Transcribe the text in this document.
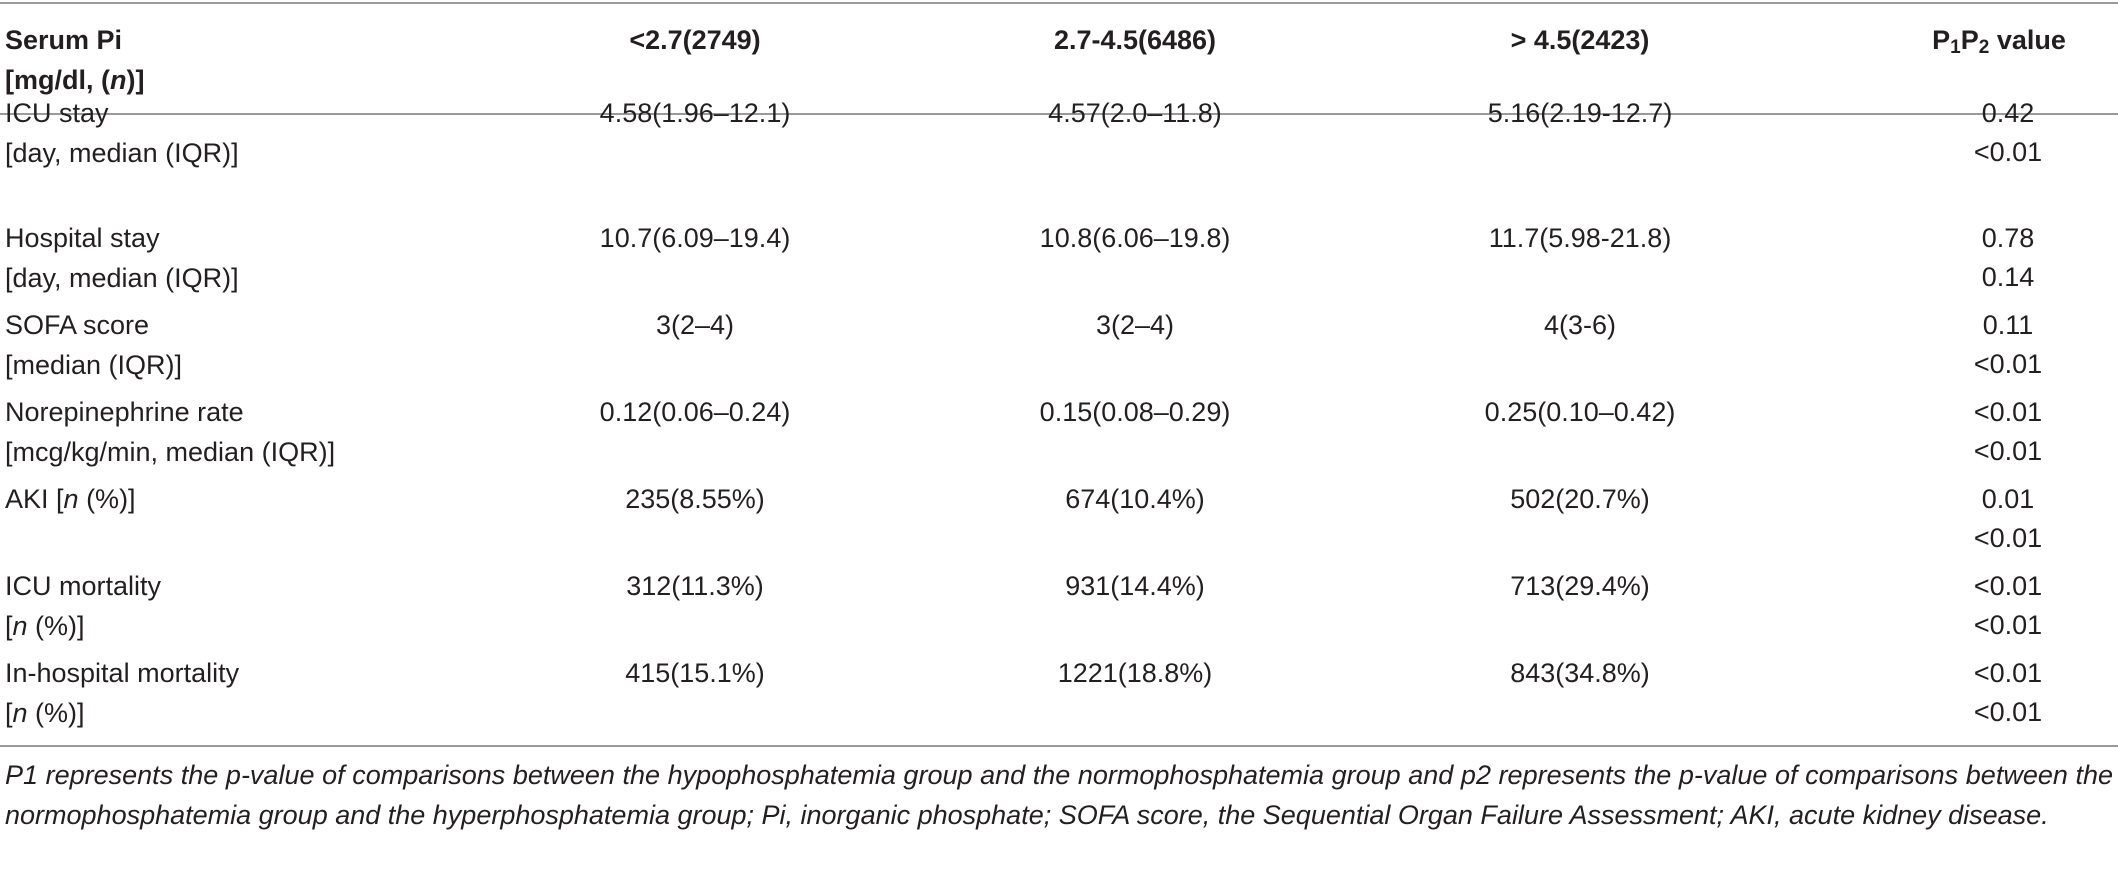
Serum Pi
[mg/dl, (n)]
<2.7(2749)	2.7-4.5(6486)	> 4.5(2423)	$P_1P_2$ value
ICU stay
[day, median (IQR)]
4.58(1.96–12.1)	4.57(2.0–11.8)	5.16(2.19-12.7)	0.42
<0.01
Hospital stay
[day, median (IQR)]
10.7(6.09–19.4)	10.8(6.06–19.8)	11.7(5.98-21.8)	0.78
0.14
SOFA score
[median (IQR)]
3(2–4)	3(2–4)	4(3-6)	0.11
<0.01
Norepinephrine rate
[mcg/kg/min, median (IQR)]
0.12(0.06–0.24)	0.15(0.08–0.29)	0.25(0.10–0.42)	<0.01
<0.01
AKI [n (%)]	235(8.55%)	674(10.4%)	502(20.7%)	0.01
<0.01
ICU mortality
[n (%)]
312(11.3%)	931(14.4%)	713(29.4%)	<0.01
<0.01
In-hospital mortality
[n (%)]
415(15.1%)	1221(18.8%)	843(34.8%)	<0.01
<0.01
P1 represents the p-value of comparisons between the hypophosphatemia group and the normophosphatemia group and p2 represents the p-value of comparisons between the normophosphatemia group and the hyperphosphatemia group; Pi, inorganic phosphate; SOFA score, the Sequential Organ Failure Assessment; AKI, acute kidney disease.
